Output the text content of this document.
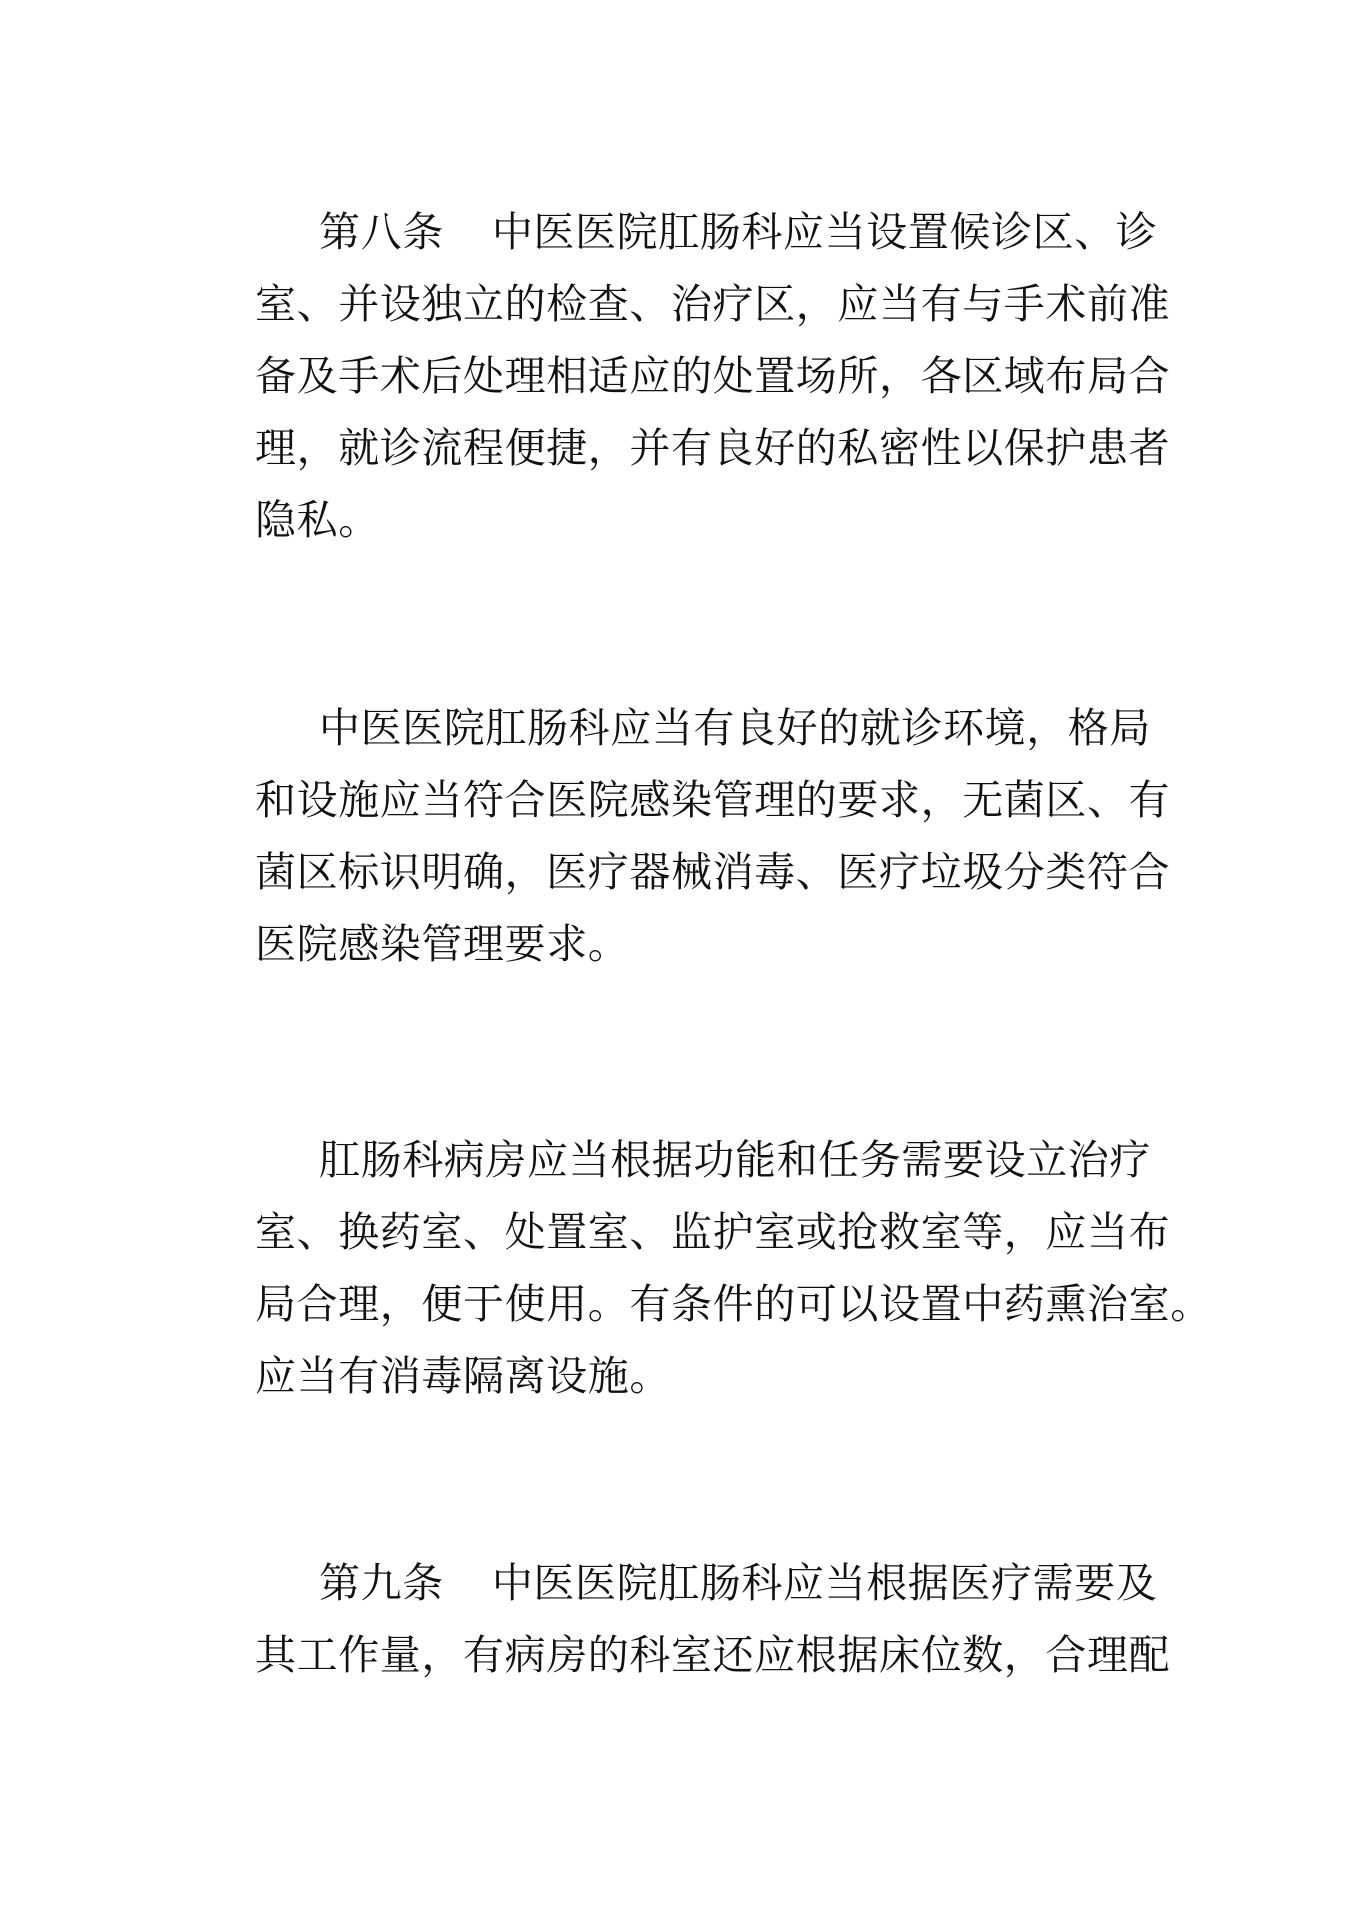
第八条 中医医院肛肠科应当设置候诊区、诊
室、并设独立的检查、治疗区，应当有与手术前准
备及手术后处理相适应的处置场所，各区域布局合
理，就诊流程便捷，并有良好的私密性以保护患者
隐私。
中医医院肛肠科应当有良好的就诊环境，格局
和设施应当符合医院感染管理的要求，无菌区、有
菌区标识明确，医疗器械消毒、医疗垃圾分类符合
医院感染管理要求。
肛肠科病房应当根据功能和任务需要设立治疗
室、换药室、处置室、监护室或抢救室等，应当布
局合理，便于使用。有条件的可以设置中药熏治室。
应当有消毒隔离设施。
第九条 中医医院肛肠科应当根据医疗需要及
其工作量，有病房的科室还应根据床位数，合理配
